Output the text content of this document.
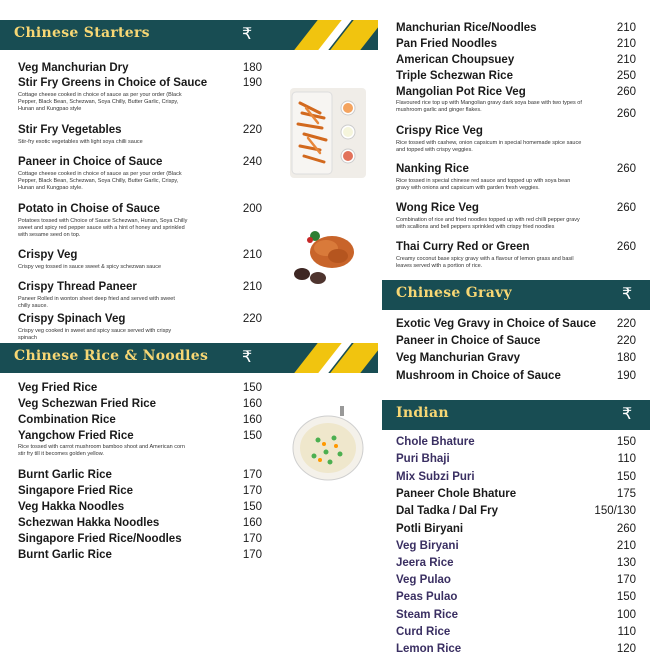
Chinese Starters	₹
Chinese Rice & Noodles ₹
Chinese Gravy	₹
Indian	₹
Veg Manchurian Dry	180
Stir Fry Greens in Choice of Sauce	190
Cottage cheese cooked in choice of sauce as per your order (Black Pepper, Black Bean, Schezwan, Soya Chilly, Butter Garlic, Crispy, Hunan and Kungpao style
Stir Fry Vegetables	220
Stir-fry exotic vegetables with light soya chilli sauce
Paneer in Choice of Sauce	240
Cottage cheese cooked in choice of sauce as per your order (Black Pepper, Black Bean, Schezwan, Soya Chilly, Butter Garlic, Crispy, Hunan and Kungpao style.
Potato in Choise of Sauce	200
Potatoes tossed with Choice of Sauce Schezwan, Hunan, Soya Chilly sweet and spicy red pepper sauce with a hint of honey and sprinkled with sesame seed on top.
Crispy Veg	210
Crispy veg tossed in sauce sweet & spicy schezwan sauce
Crispy Thread Paneer	210
Paneer Rolled in wonton sheet deep fried and served with sweet chilly sauce.
Crispy Spinach Veg	220
Crispy veg cooked in sweet and spicy sauce served with crispy spinach
Veg Fried Rice	150
Veg Schezwan Fried Rice	160
Combination Rice	160
Yangchow Fried Rice	150
Rice tossed with carrot mushroom bamboo shoot and American corn stir fry till it becomes golden yellow.
Burnt Garlic Rice	170
Singapore Fried Rice	170
Veg Hakka Noodles	150
Schezwan Hakka Noodles	160
Singapore Fried Rice/Noodles	170
Burnt Garlic Rice	170
Manchurian Rice/Noodles	210
Pan Fried Noodles	210
American Choupsuey	210
Triple Schezwan Rice	250
Mangolian Pot Rice Veg	260
Flavoured rice top up with Mangolian gravy dark soya base with two types of mushroom garlic and ginger flakes.	260
Crispy Rice Veg
Rice tossed with cashew, onion capsicum in special homemade spice sauce and topped with crispy veggies.
Nanking Rice	260
Rice tossed in special chinese red sauce and topped up with soya bean gravy with onions and capsicum with garden fresh veggies.
Wong Rice Veg	260
Combination of rice and fried noodles topped up with red chilli pepper gravy with scallions and bell peppers sprinkled with crispy fried noodles
Thai Curry Red or Green	260
Creamy coconut base spicy gravy with a flavour of lemon grass and basil leaves served with a portion of rice.
Exotic Veg Gravy in Choice of Sauce	220
Paneer in Choice of Sauce	220
Veg Manchurian Gravy	180
Mushroom in Choice of Sauce	190
Chole Bhature	150
Puri Bhaji	110
Mix Subzi Puri	150
Paneer Chole Bhature	175
Dal Tadka / Dal Fry	150/130
Potli Biryani	260
Veg Biryani	210
Jeera Rice	130
Veg Pulao	170
Peas Pulao	150
Steam Rice	100
Curd Rice	110
Lemon Rice	120
